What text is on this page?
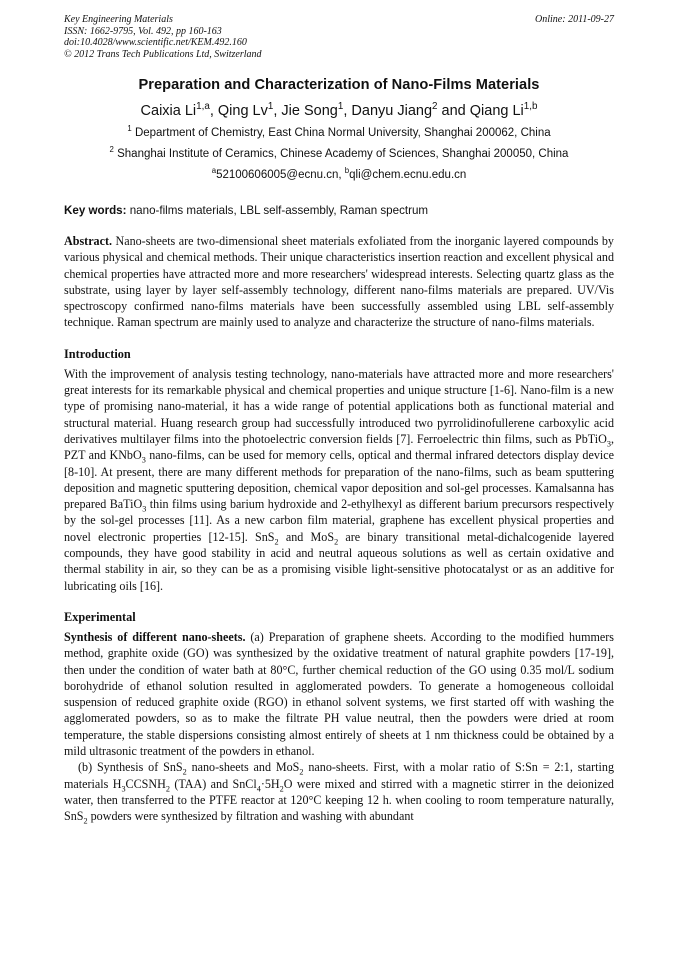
Key Engineering Materials
ISSN: 1662-9795, Vol. 492, pp 160-163
doi:10.4028/www.scientific.net/KEM.492.160
© 2012 Trans Tech Publications Ltd, Switzerland
Online: 2011-09-27
Preparation and Characterization of Nano-Films Materials
Caixia Li$^{1,a}$, Qing Lv$^1$, Jie Song$^1$, Danyu Jiang$^2$ and Qiang Li$^{1,b}$
$^1$ Department of Chemistry, East China Normal University, Shanghai 200062, China
$^2$ Shanghai Institute of Ceramics, Chinese Academy of Sciences, Shanghai 200050, China
$^a$52100606005@ecnu.cn, $^b$qli@chem.ecnu.edu.cn
Key words: nano-films materials, LBL self-assembly, Raman spectrum

Abstract. Nano-sheets are two-dimensional sheet materials exfoliated from the inorganic layered compounds by various physical and chemical methods. Their unique characteristics insertion reaction and excellent physical and chemical properties have attracted more and more researchers' widespread interests. Selecting quartz glass as the substrate, using layer by layer self-assembly technology, different nano-films materials are prepared. UV/Vis spectroscopy confirmed nano-films materials have been successfully assembled using LBL self-assembly technique. Raman spectrum are mainly used to analyze and characterize the structure of nano-films materials.

Introduction

With the improvement of analysis testing technology, nano-materials have attracted more and more researchers' great interests for its remarkable physical and chemical properties and unique structure [1-6]. Nano-film is a new type of promising nano-material, it has a wide range of potential applications both as functional material and structural material. Huang research group had successfully introduced two pyrrolidinofullerene carboxylic acid derivatives multilayer films into the photoelectric conversion fields [7]. Ferroelectric thin films, such as PbTiO$_3$, PZT and KNbO$_3$ nano-films, can be used for memory cells, optical and thermal infrared detectors display device [8-10]. At present, there are many different methods for preparation of the nano-films, such as beam sputtering deposition and magnetic sputtering deposition, chemical vapor deposition and sol-gel processes. Kamalsanna has prepared BaTiO$_3$ thin films using barium hydroxide and 2-ethylhexyl as different barium precursors respectively by the sol-gel processes [11]. As a new carbon film material, graphene has excellent physical properties and novel electronic properties [12-15]. SnS$_2$ and MoS$_2$ are binary transitional metal-dichalcogenide layered compounds, they have good stability in acid and neutral aqueous solutions as well as certain oxidative and thermal stability in air, so they can be as a promising visible light-sensitive photocatalyst or as an additive for lubricating oils [16].

Experimental

Synthesis of different nano-sheets. (a) Preparation of graphene sheets. According to the modified hummers method, graphite oxide (GO) was synthesized by the oxidative treatment of natural graphite powders [17-19], then under the condition of water bath at 80°C, further chemical reduction of the GO using 0.35 mol/L sodium borohydride of ethanol solution resulted in agglomerated powders. To generate a homogeneous colloidal suspension of reduced graphite oxide (RGO) in ethanol solvent systems, we first started off with washing the agglomerated powders, so as to make the filtrate PH value neutral, then the powders were dried at room temperature, the stable dispersions consisting almost entirely of sheets at 1 nm thickness could be obtained by a mild ultrasonic treatment of the powders in ethanol.

(b) Synthesis of SnS$_2$ nano-sheets and MoS$_2$ nano-sheets. First, with a molar ratio of S:Sn = 2:1, starting materials $H_3CCSNH_2$ (TAA) and $SnCl_4\cdot 5H_2O$ were mixed and stirred with a magnetic stirrer in the deionized water, then transferred to the PTFE reactor at 120°C keeping 12 h. when cooling to room temperature naturally, SnS$_2$ powders were synthesized by filtration and washing with abundant
